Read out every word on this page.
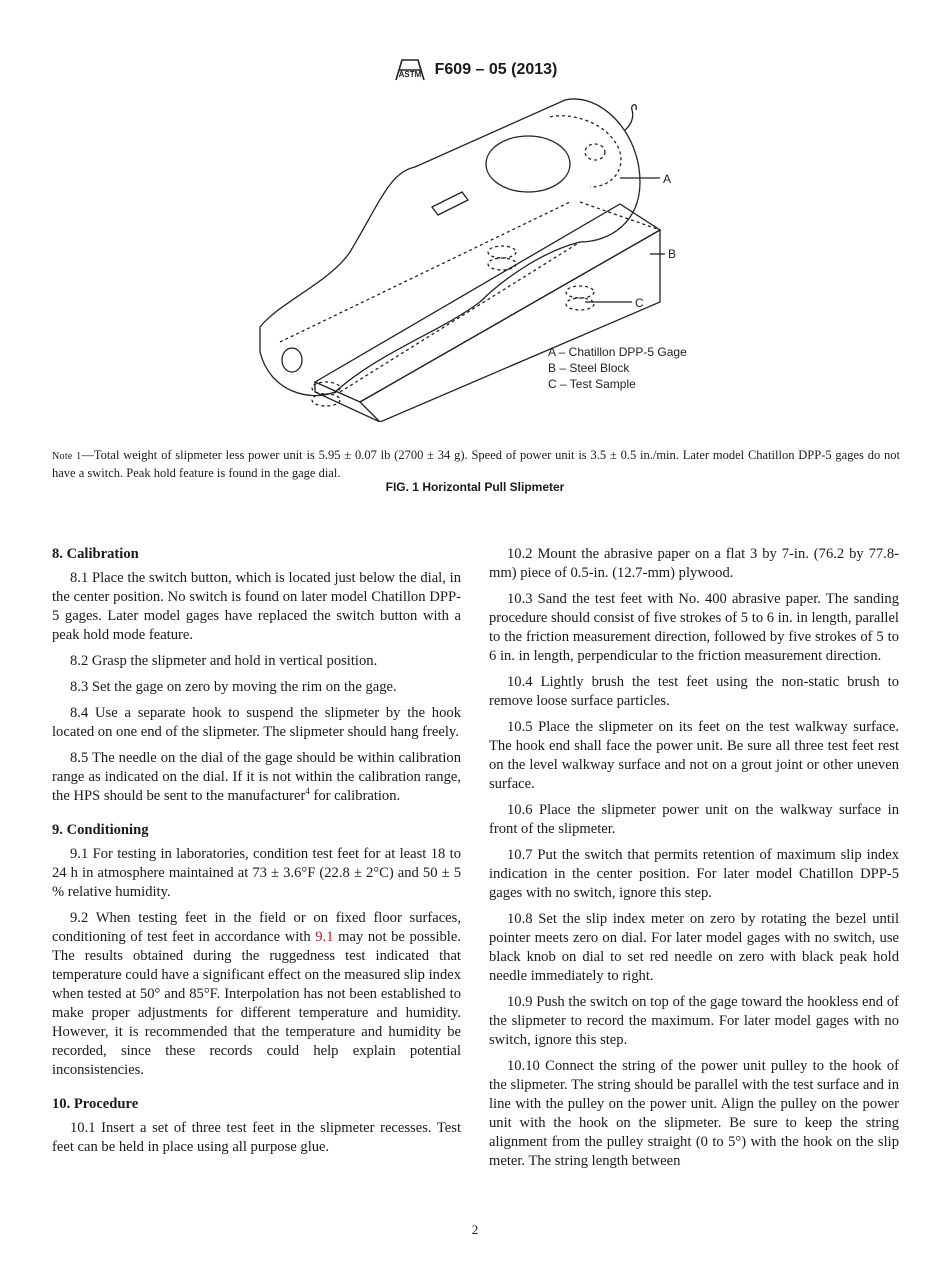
ASTM F609 – 05 (2013)
A
B
C
A – Chatillon DPP-5 Gage
B – Steel Block
C – Test Sample
Note 1—Total weight of slipmeter less power unit is 5.95 ± 0.07 lb (2700 ± 34 g). Speed of power unit is 3.5 ± 0.5 in./min. Later model Chatillon DPP-5 gages do not have a switch. Peak hold feature is found in the gage dial.
FIG. 1 Horizontal Pull Slipmeter
8. Calibration

8.1 Place the switch button, which is located just below the dial, in the center position. No switch is found on later model Chatillon DPP-5 gages. Later model gages have replaced the switch button with a peak hold mode feature.

8.2 Grasp the slipmeter and hold in vertical position.

8.3 Set the gage on zero by moving the rim on the gage.

8.4 Use a separate hook to suspend the slipmeter by the hook located on one end of the slipmeter. The slipmeter should hang freely.

8.5 The needle on the dial of the gage should be within calibration range as indicated on the dial. If it is not within the calibration range, the HPS should be sent to the manufacturer$^4$ for calibration.

9. Conditioning

9.1 For testing in laboratories, condition test feet for at least 18 to 24 h in atmosphere maintained at 73 ± 3.6°F (22.8 ± 2°C) and 50 ± 5 % relative humidity.

9.2 When testing feet in the field or on fixed floor surfaces, conditioning of test feet in accordance with 9.1 may not be possible. The results obtained during the ruggedness test indicated that temperature could have a significant effect on the measured slip index when tested at 50° and 85°F. Interpolation has not been established to make proper adjustments for different temperature and humidity. However, it is recommended that the temperature and humidity be recorded, since these records could help explain potential inconsistencies.

10. Procedure

10.1 Insert a set of three test feet in the slipmeter recesses. Test feet can be held in place using all purpose glue.

10.2 Mount the abrasive paper on a flat 3 by 7-in. (76.2 by 77.8-mm) piece of 0.5-in. (12.7-mm) plywood.

10.3 Sand the test feet with No. 400 abrasive paper. The sanding procedure should consist of five strokes of 5 to 6 in. in length, parallel to the friction measurement direction, followed by five strokes of 5 to 6 in. in length, perpendicular to the friction measurement direction.

10.4 Lightly brush the test feet using the non-static brush to remove loose surface particles.

10.5 Place the slipmeter on its feet on the test walkway surface. The hook end shall face the power unit. Be sure all three test feet rest on the level walkway surface and not on a grout joint or other uneven surface.

10.6 Place the slipmeter power unit on the walkway surface in front of the slipmeter.

10.7 Put the switch that permits retention of maximum slip index indication in the center position. For later model Chatillon DPP-5 gages with no switch, ignore this step.

10.8 Set the slip index meter on zero by rotating the bezel until pointer meets zero on dial. For later model gages with no switch, use black knob on dial to set red needle on zero with black peak hold needle immediately to right.

10.9 Push the switch on top of the gage toward the hookless end of the slipmeter to record the maximum. For later model gages with no switch, ignore this step.

10.10 Connect the string of the power unit pulley to the hook of the slipmeter. The string should be parallel with the test surface and in line with the pulley on the power unit. Align the pulley on the power unit with the hook on the slipmeter. Be sure to keep the string alignment from the pulley straight (0 to 5°) with the hook on the slip meter. The string length between

2
